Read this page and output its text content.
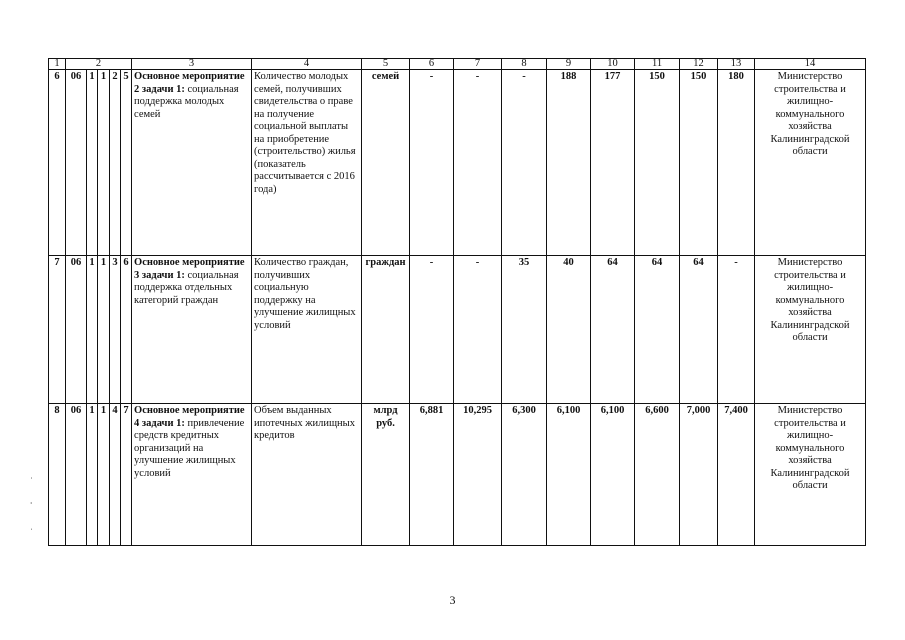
1	2					3	4	5	6	7	8	9	10	11	12	13	14
6	06	1	1	2	5	Основное мероприятие 2 задачи 1: социальная поддержка молодых семей	Количество молодых семей, получивших свидетельства о праве на получение социальной выплаты на приобретение (строительство) жилья (показатель рассчитывается с 2016 года)	семей	-	-	-	188	177	150	150	180	Министерство строительства и жилищно-коммунального хозяйства Калининградской области
7	06	1	1	3	6	Основное мероприятие 3 задачи 1: социальная поддержка отдельных категорий граждан	Количество граждан, получивших социальную поддержку на улучшение жилищных условий	граждан	-	-	35	40	64	64	64	-	Министерство строительства и жилищно-коммунального хозяйства Калининградской области
8	06	1	1	4	7	Основное мероприятие 4 задачи 1: привлечение средств кредитных организаций на улучшение жилищных условий	Объем выданных ипотечных жилищных кредитов	млрд руб.	6,881	10,295	6,300	6,100	6,100	6,600	7,000	7,400	Министерство строительства и жилищно-коммунального хозяйства Калининградской области
˙
⸱
ˌ
3
